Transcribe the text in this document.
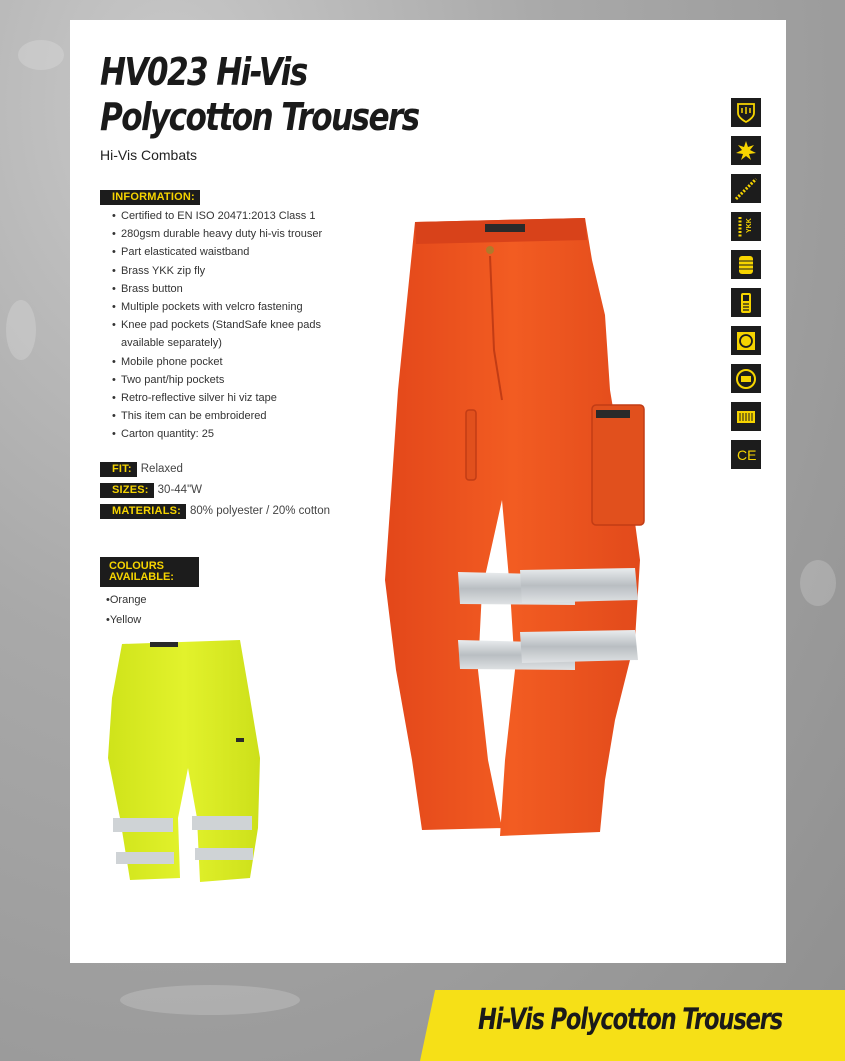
HV023 Hi-Vis
Polycotton Trousers
Hi-Vis Combats
INFORMATION:
• Certified to EN ISO 20471:2013 Class 1
• 280gsm durable heavy duty hi-vis trouser
• Part elasticated waistband
• Brass YKK zip fly
• Brass button
• Multiple pockets with velcro fastening
• Knee pad pockets (StandSafe knee pads available separately)
• Mobile phone pocket
• Two pant/hip pockets
• Retro-reflective silver hi viz tape
• This item can be embroidered
• Carton quantity: 25
FIT: Relaxed
SIZES: 30-44"W
MATERIALS: 80% polyester / 20% cotton
COLOURS
AVAILABLE:
• Orange
• Yellow
YKK
CE
Hi-Vis Polycotton Trousers
